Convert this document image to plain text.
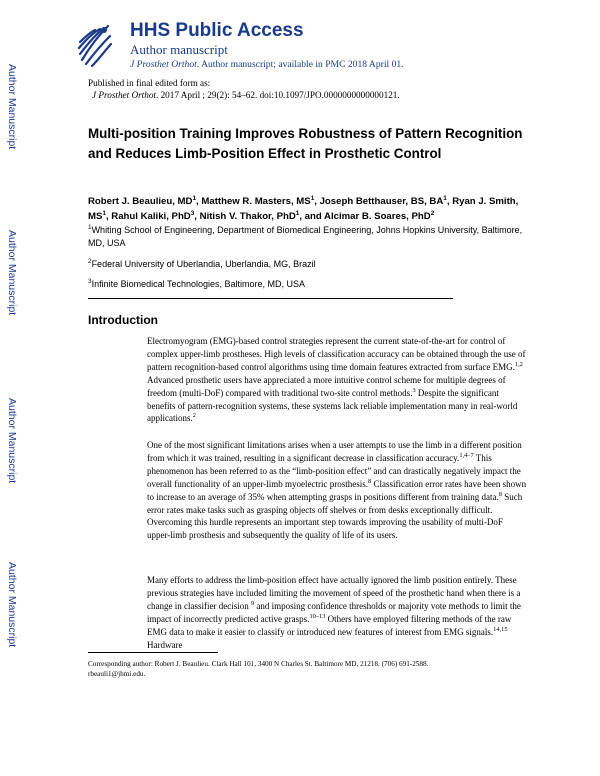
Author Manuscript
Author Manuscript
Author Manuscript
Author Manuscript
HHS Public Access
Author manuscript
J Prosthet Orthot. Author manuscript; available in PMC 2018 April 01.
Published in final edited form as:
J Prosthet Orthot. 2017 April ; 29(2): 54–62. doi:10.1097/JPO.0000000000000121.
Multi-position Training Improves Robustness of Pattern Recognition and Reduces Limb-Position Effect in Prosthetic Control
Robert J. Beaulieu, $MD^1$, Matthew R. Masters, $MS^1$, Joseph Betthauser, BS, $BA^1$, Ryan J. Smith, $MS^1$, Rahul Kaliki, PhD$^3$, Nitish V. Thakor, PhD$^1$, and Alcimar B. Soares, PhD$^2$
$^1$Whiting School of Engineering, Department of Biomedical Engineering, Johns Hopkins University, Baltimore, MD, USA
$^2$Federal University of Uberlandia, Uberlandia, MG, Brazil
$^3$Infinite Biomedical Technologies, Baltimore, MD, USA
Introduction

Electromyogram (EMG)-based control strategies represent the current state-of-the-art for control of complex upper-limb prostheses. High levels of classification accuracy can be obtained through the use of pattern recognition-based control algorithms using time domain features extracted from surface EMG.$^{1,2}$ Advanced prosthetic users have appreciated a more intuitive control scheme for multiple degrees of freedom (multi-DoF) compared with traditional two-site control methods.$^3$ Despite the significant benefits of pattern-recognition systems, these systems lack reliable implementation many in real-world applications.$^2$

One of the most significant limitations arises when a user attempts to use the limb in a different position from which it was trained, resulting in a significant decrease in classification accuracy.$^{1,4-7}$ This phenomenon has been referred to as the “limb-position effect” and can drastically negatively impact the overall functionality of an upper-limb myoelectric prosthesis.$^8$ Classification error rates have been shown to increase to an average of 35% when attempting grasps in positions different from training data.$^8$ Such error rates make tasks such as grasping objects off shelves or from desks exceptionally difficult. Overcoming this hurdle represents an important step towards improving the usability of multi-DoF upper-limb prosthesis and subsequently the quality of life of its users.

Many efforts to address the limb-position effect have actually ignored the limb position entirely. These previous strategies have included limiting the movement of speed of the prosthetic hand when there is a change in classifier decision $^9$ and imposing confidence thresholds or majority vote methods to limit the impact of incorrectly predicted active grasps.$^{10-13}$ Others have employed filtering methods of the raw EMG data to make it easier to classify or introduced new features of interest from EMG signals.$^{14,15}$ Hardware

Corresponding author: Robert J. Beaulieu. Clark Hall 101, 3400 N Charles St. Baltimore MD, 21218. (706) 691-2588.
rbeauli1@jhmi.edu.
